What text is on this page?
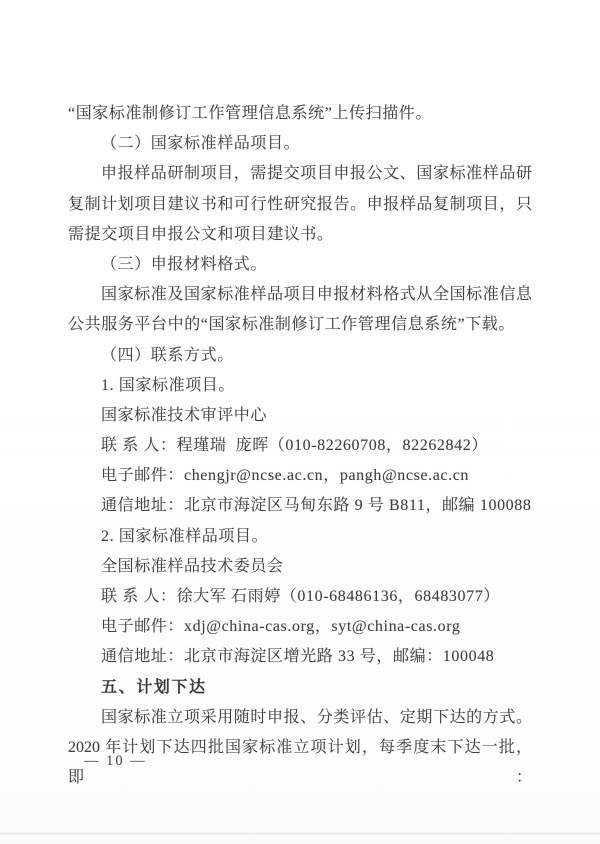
“国家标准制修订工作管理信息系统”上传扫描件。
（二）国家标准样品项目。
申报样品研制项目，需提交项目申报公文、国家标准样品研
复制计划项目建议书和可行性研究报告。申报样品复制项目，只
需提交项目申报公文和项目建议书。
（三）申报材料格式。
国家标准及国家标准样品项目申报材料格式从全国标准信息
公共服务平台中的“国家标准制修订工作管理信息系统”下载。
（四）联系方式。
1. 国家标准项目。
国家标准技术审评中心
联 系 人：程瑾瑞  庞晖（010-82260708，82262842）
电子邮件：chengjr@ncse.ac.cn，pangh@ncse.ac.cn
通信地址：北京市海淀区马甸东路 9 号 B811，邮编 100088
2. 国家标准样品项目。
全国标准样品技术委员会
联 系 人：徐大军 石雨婷（010-68486136，68483077）
电子邮件：xdj@china-cas.org，syt@china-cas.org
通信地址：北京市海淀区增光路 33 号，邮编：100048
五、计划下达
国家标准立项采用随时申报、分类评估、定期下达的方式。
2020 年计划下达四批国家标准立项计划，每季度末下达一批，即：
— 10 —
